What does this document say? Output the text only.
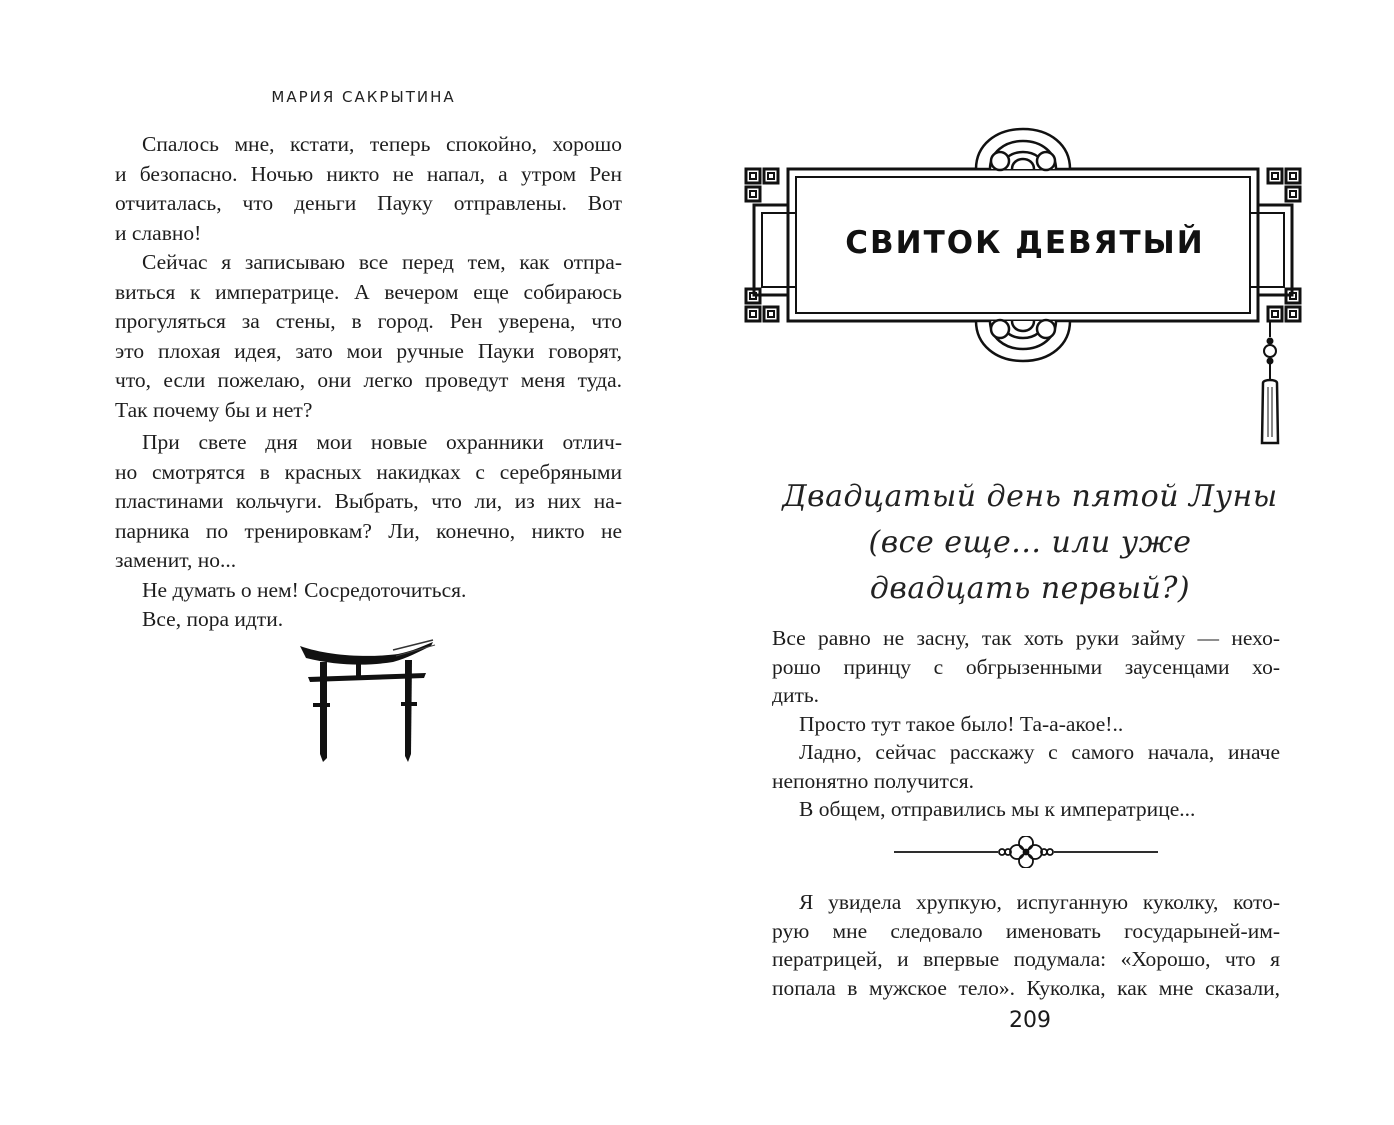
МАРИЯ САКРЫТИНА
Спалось мне, кстати, теперь спокойно, хорошо
и безопасно. Ночью никто не напал, а утром Рен
отчиталась, что деньги Пауку отправлены. Вот
и славно!
Сейчас я записываю все перед тем, как отпра-
виться к императрице. А вечером еще собираюсь
прогуляться за стены, в город. Рен уверена, что
это плохая идея, зато мои ручные Пауки говорят,
что, если пожелаю, они легко проведут меня туда.
Так почему бы и нет?
При свете дня мои новые охранники отлич-
но смотрятся в красных накидках с серебряными
пластинами кольчуги. Выбрать, что ли, из них на-
парника по тренировкам? Ли, конечно, никто не
заменит, но...
Не думать о нем! Сосредоточиться.
Все, пора идти.
СВИТОК ДЕВЯТЫЙ
Двадцатый день пятой Луны
(все еще... или уже
двадцать первый?)
Все равно не засну, так хоть руки займу — нехо-
рошо принцу с обгрызенными заусенцами хо-
дить.
Просто тут такое было! Та-а-акое!..
Ладно, сейчас расскажу с самого начала, иначе
непонятно получится.
В общем, отправились мы к императрице...
Я увидела хрупкую, испуганную куколку, кото-
рую мне следовало именовать государыней-им-
ператрицей, и впервые подумала: «Хорошо, что я
попала в мужское тело». Куколка, как мне сказали,
209
